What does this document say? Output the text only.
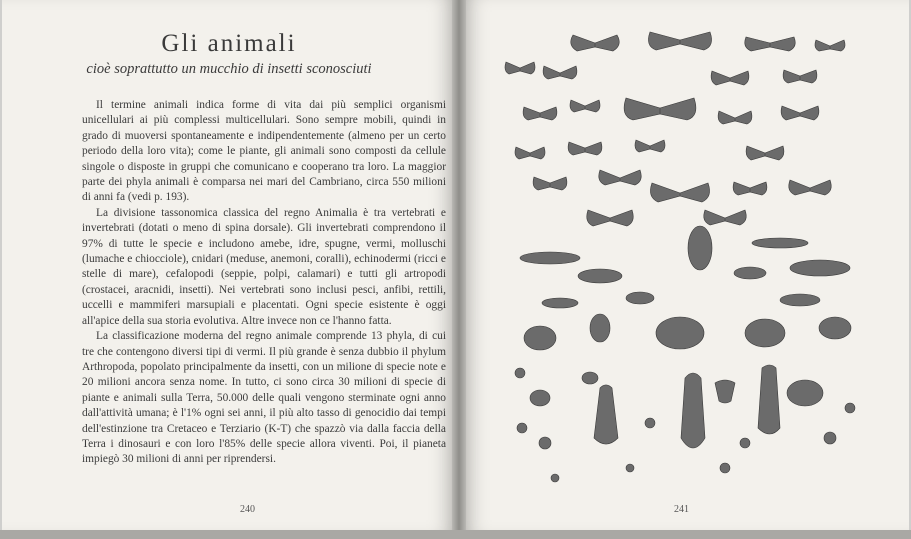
Gli animali
cioè soprattutto un mucchio di insetti sconosciuti

Il termine animali indica forme di vita dai più semplici organismi unicellulari ai più complessi multicellulari. Sono sempre mobili, quindi in grado di muoversi spontaneamente e indipendentemente (almeno per un certo periodo della loro vita); come le piante, gli animali sono composti da cellule singole o disposte in gruppi che comunicano e cooperano tra loro. La maggior parte dei phyla animali è comparsa nei mari del Cambriano, circa 550 milioni di anni fa (vedi p. 193).

La divisione tassonomica classica del regno Animalia è tra vertebrati e invertebrati (dotati o meno di spina dorsale). Gli invertebrati comprendono il 97% di tutte le specie e includono amebe, idre, spugne, vermi, molluschi (lumache e chiocciole), cnidari (meduse, anemoni, coralli), echinodermi (ricci e stelle di mare), cefalopodi (seppie, polpi, calamari) e tutti gli artropodi (crostacei, aracnidi, insetti). Nei vertebrati sono inclusi pesci, anfibi, rettili, uccelli e mammiferi marsupiali e placentati. Ogni specie esistente è oggi all'apice della sua storia evolutiva. Altre invece non ce l'hanno fatta.

La classificazione moderna del regno animale comprende 13 phyla, di cui tre che contengono diversi tipi di vermi. Il più grande è senza dubbio il phylum Arthropoda, popolato principalmente da insetti, con un milione di specie note e 20 milioni ancora senza nome. In tutto, ci sono circa 30 milioni di specie di piante e animali sulla Terra, 50.000 delle quali vengono sterminate ogni anno dall'attività umana; è l'1% ogni sei anni, il più alto tasso di genocidio dai tempi dell'estinzione tra Cretaceo e Terziario (K-T) che spazzò via dalla faccia della Terra i dinosauri e con loro l'85% delle specie allora viventi. Poi, il pianeta impiegò 30 milioni di anni per riprendersi.

240	241
